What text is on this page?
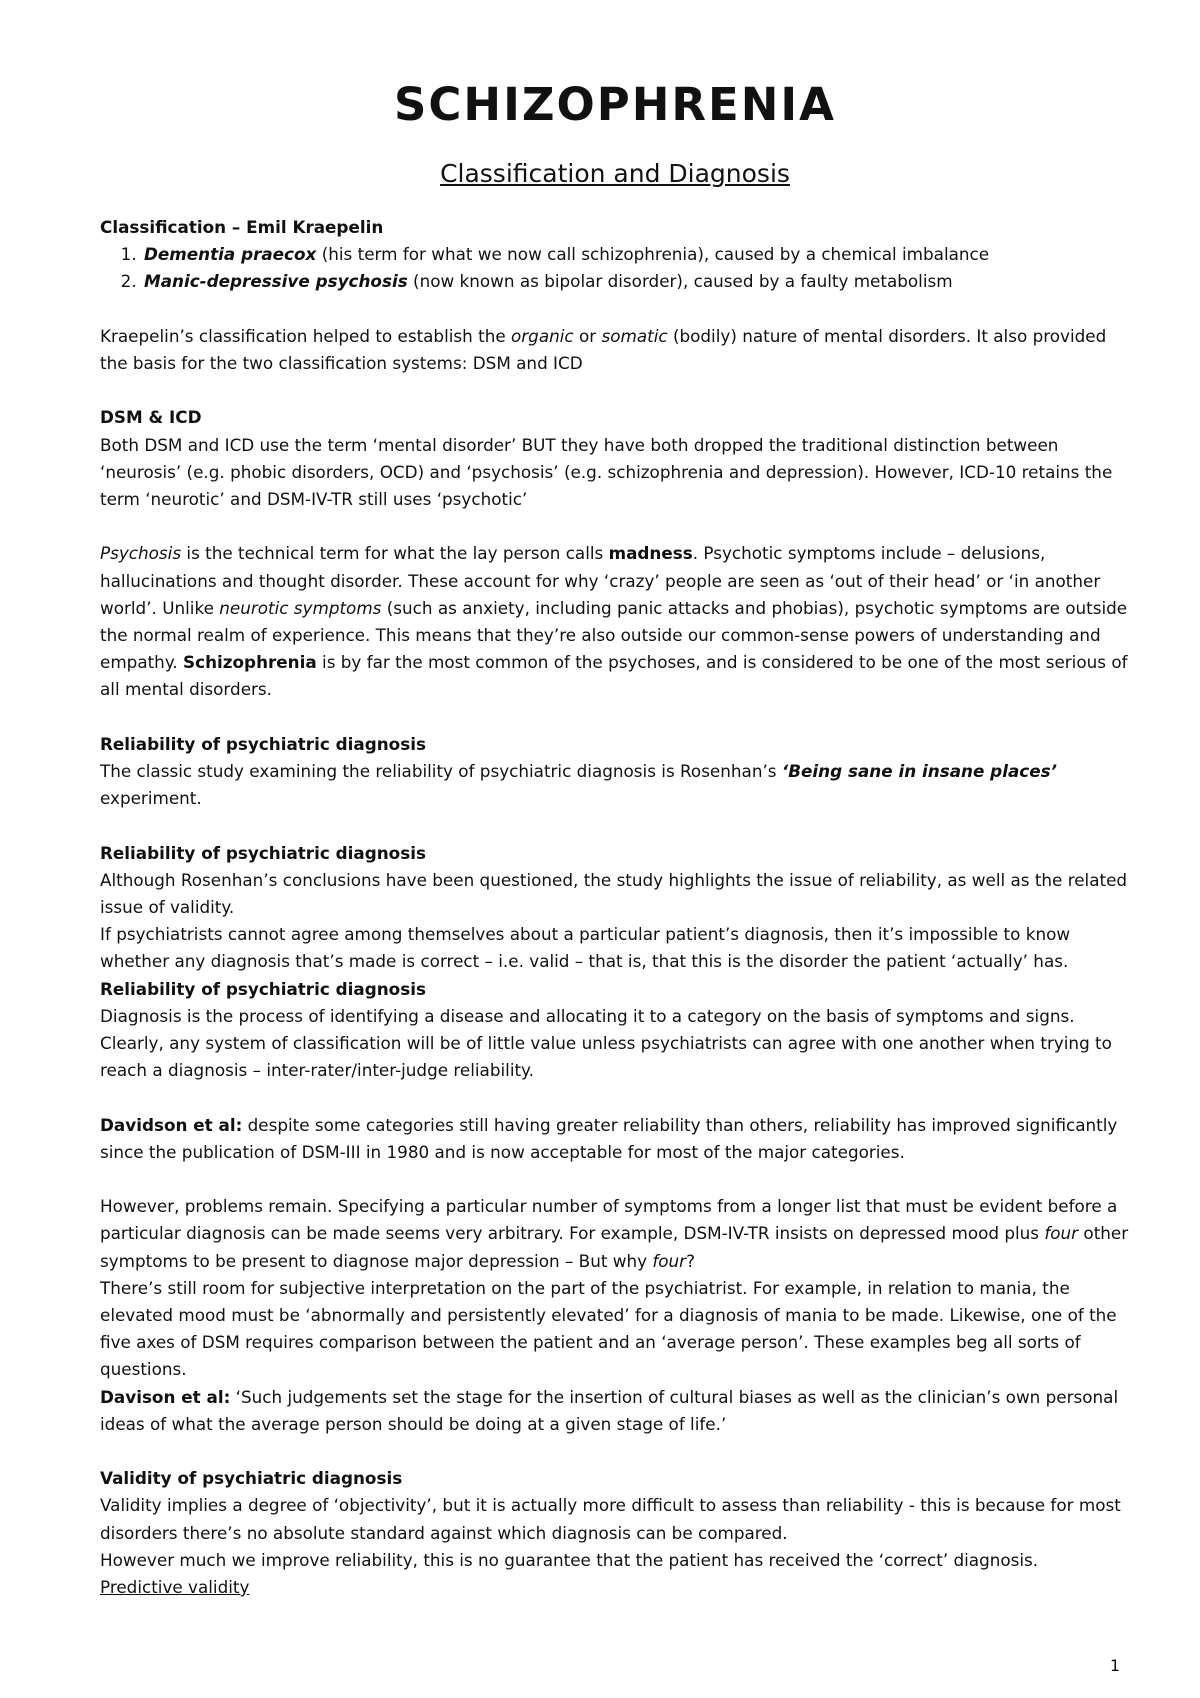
SCHIZOPHRENIA
Classification and Diagnosis

Classification – Emil Kraepelin

1. Dementia praecox (his term for what we now call schizophrenia), caused by a chemical imbalance
2. Manic-depressive psychosis (now known as bipolar disorder), caused by a faulty metabolism

Kraepelin’s classification helped to establish the organic or somatic (bodily) nature of mental disorders. It also provided the basis for the two classification systems: DSM and ICD

DSM & ICD

Both DSM and ICD use the term ‘mental disorder’ BUT they have both dropped the traditional distinction between ‘neurosis’ (e.g. phobic disorders, OCD) and ‘psychosis’ (e.g. schizophrenia and depression). However, ICD-10 retains the term ‘neurotic’ and DSM-IV-TR still uses ‘psychotic’

Psychosis is the technical term for what the lay person calls madness. Psychotic symptoms include – delusions, hallucinations and thought disorder. These account for why ‘crazy’ people are seen as ‘out of their head’ or ‘in another world’. Unlike neurotic symptoms (such as anxiety, including panic attacks and phobias), psychotic symptoms are outside the normal realm of experience. This means that they’re also outside our common-sense powers of understanding and empathy. Schizophrenia is by far the most common of the psychoses, and is considered to be one of the most serious of all mental disorders.

Reliability of psychiatric diagnosis

The classic study examining the reliability of psychiatric diagnosis is Rosenhan’s ‘Being sane in insane places’ experiment.

Reliability of psychiatric diagnosis

Although Rosenhan’s conclusions have been questioned, the study highlights the issue of reliability, as well as the related issue of validity.

If psychiatrists cannot agree among themselves about a particular patient’s diagnosis, then it’s impossible to know whether any diagnosis that’s made is correct – i.e. valid – that is, that this is the disorder the patient ‘actually’ has.

Reliability of psychiatric diagnosis

Diagnosis is the process of identifying a disease and allocating it to a category on the basis of symptoms and signs. Clearly, any system of classification will be of little value unless psychiatrists can agree with one another when trying to reach a diagnosis – inter-rater/inter-judge reliability.

Davidson et al: despite some categories still having greater reliability than others, reliability has improved significantly since the publication of DSM-III in 1980 and is now acceptable for most of the major categories.

However, problems remain. Specifying a particular number of symptoms from a longer list that must be evident before a particular diagnosis can be made seems very arbitrary. For example, DSM-IV-TR insists on depressed mood plus four other symptoms to be present to diagnose major depression – But why four?

There’s still room for subjective interpretation on the part of the psychiatrist. For example, in relation to mania, the elevated mood must be ‘abnormally and persistently elevated’ for a diagnosis of mania to be made. Likewise, one of the five axes of DSM requires comparison between the patient and an ‘average person’. These examples beg all sorts of questions.

Davison et al: ‘Such judgements set the stage for the insertion of cultural biases as well as the clinician’s own personal ideas of what the average person should be doing at a given stage of life.’

Validity of psychiatric diagnosis

Validity implies a degree of ‘objectivity’, but it is actually more difficult to assess than reliability - this is because for most disorders there’s no absolute standard against which diagnosis can be compared.

However much we improve reliability, this is no guarantee that the patient has received the ‘correct’ diagnosis.

Predictive validity

1
